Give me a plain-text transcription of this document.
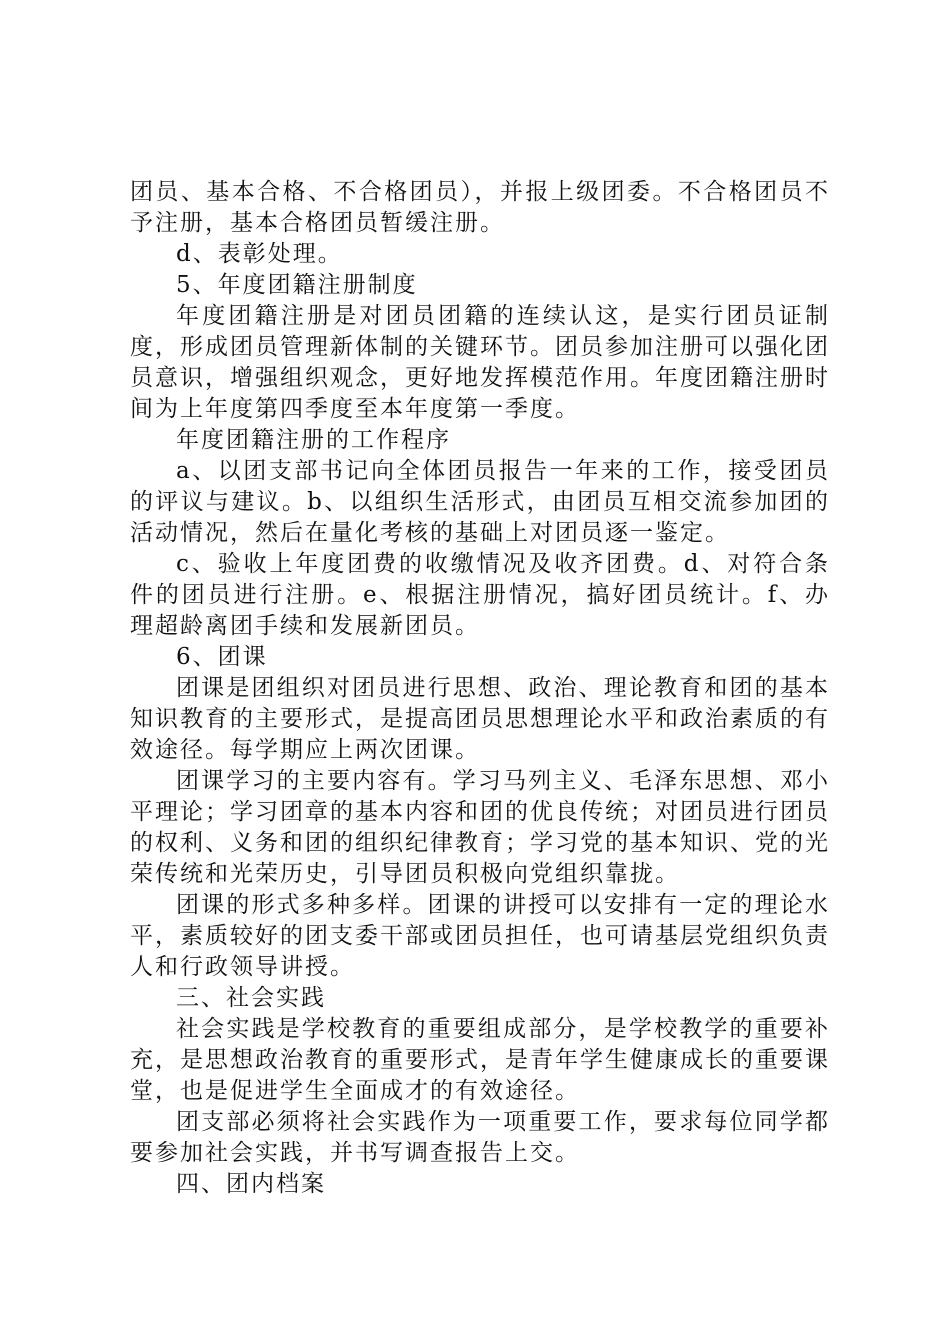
团员、基本合格、不合格团员），并报上级团委。不合格团员不予注册，基本合格团员暂缓注册。

d、表彰处理。

5、年度团籍注册制度

年度团籍注册是对团员团籍的连续认这，是实行团员证制度，形成团员管理新体制的关键环节。团员参加注册可以强化团员意识，增强组织观念，更好地发挥模范作用。年度团籍注册时间为上年度第四季度至本年度第一季度。

年度团籍注册的工作程序

a、以团支部书记向全体团员报告一年来的工作，接受团员的评议与建议。b、以组织生活形式，由团员互相交流参加团的活动情况，然后在量化考核的基础上对团员逐一鉴定。

c、验收上年度团费的收缴情况及收齐团费。d、对符合条件的团员进行注册。e、根据注册情况，搞好团员统计。f、办理超龄离团手续和发展新团员。

6、团课

团课是团组织对团员进行思想、政治、理论教育和团的基本知识教育的主要形式，是提高团员思想理论水平和政治素质的有效途径。每学期应上两次团课。

团课学习的主要内容有。学习马列主义、毛泽东思想、邓小平理论；学习团章的基本内容和团的优良传统；对团员进行团员的权利、义务和团的组织纪律教育；学习党的基本知识、党的光荣传统和光荣历史，引导团员积极向党组织靠拢。

团课的形式多种多样。团课的讲授可以安排有一定的理论水平，素质较好的团支委干部或团员担任，也可请基层党组织负责人和行政领导讲授。

三、社会实践

社会实践是学校教育的重要组成部分，是学校教学的重要补充，是思想政治教育的重要形式，是青年学生健康成长的重要课堂，也是促进学生全面成才的有效途径。

团支部必须将社会实践作为一项重要工作，要求每位同学都要参加社会实践，并书写调查报告上交。

四、团内档案
